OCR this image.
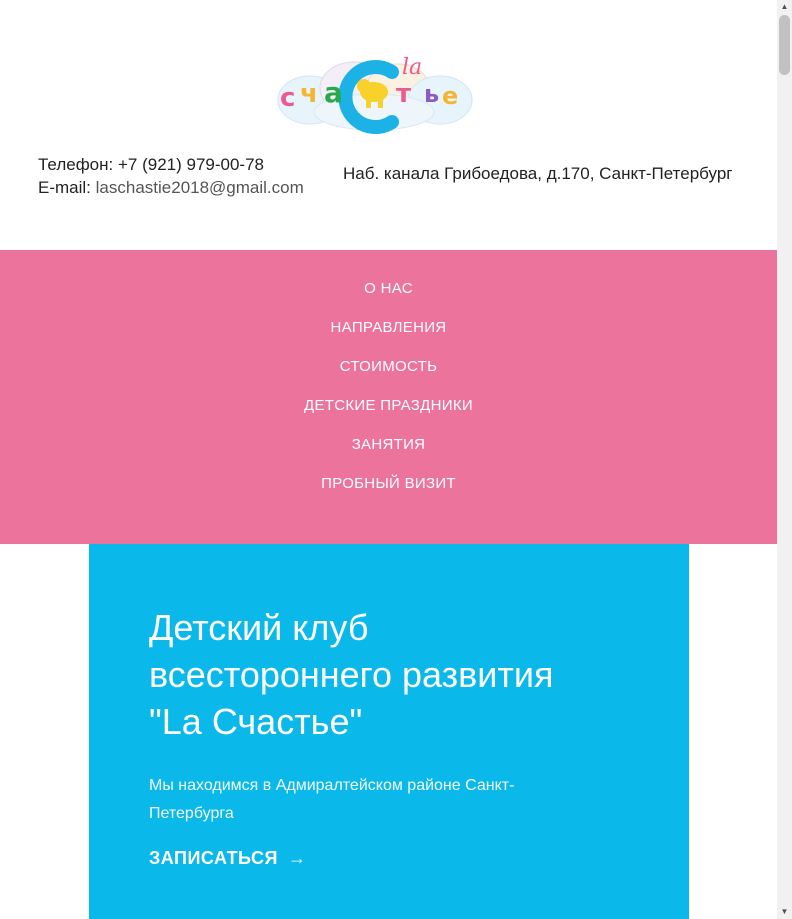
с ч а	ь е
т
la
Телефон: +7 (921) 979-00-78
E-mail: laschastie2018@gmail.com
Наб. канала Грибоедова, д.170, Санкт-Петербург
О НАС
НАПРАВЛЕНИЯ
СТОИМОСТЬ
ДЕТСКИЕ ПРАЗДНИКИ
ЗАНЯТИЯ
ПРОБНЫЙ ВИЗИТ
Детский клуб
всестороннего развития
"La Счастье"
Мы находимся в Адмиралтейском районе Санкт-Петербурга
ЗАПИСАТЬСЯ →
▲
▼
